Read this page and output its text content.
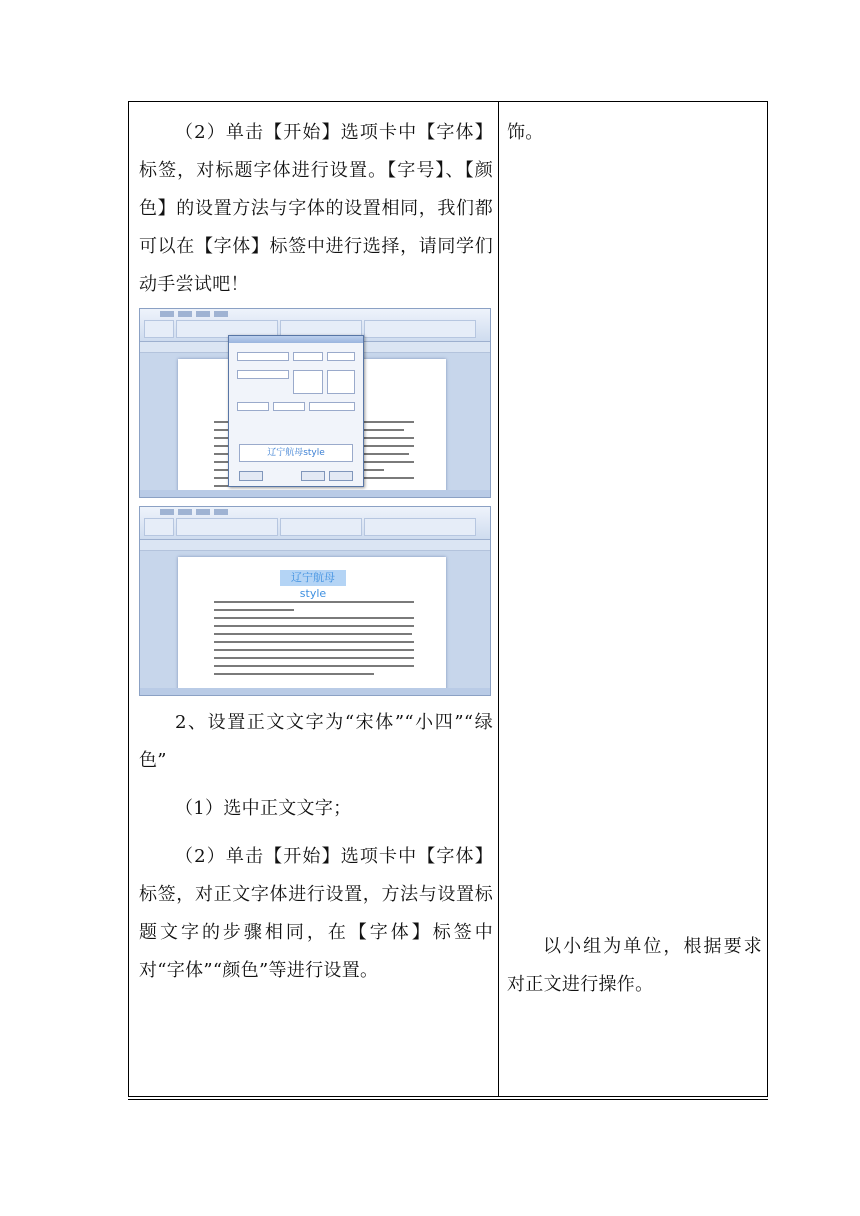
（2）单击【开始】选项卡中【字体】标签，对标题字体进行设置。【字号】、【颜色】的设置方法与字体的设置相同，我们都可以在【字体】标签中进行选择，请同学们动手尝试吧！

辽宁航母style
辽宁航母style

2、设置正文文字为“宋体”“小四”“绿色”

（1）选中正文文字；

（2）单击【开始】选项卡中【字体】标签，对正文字体进行设置，方法与设置标题文字的步骤相同，在【字体】标签中对“字体”“颜色”等进行设置。

饰。

以小组为单位，根据要求对正文进行操作。
